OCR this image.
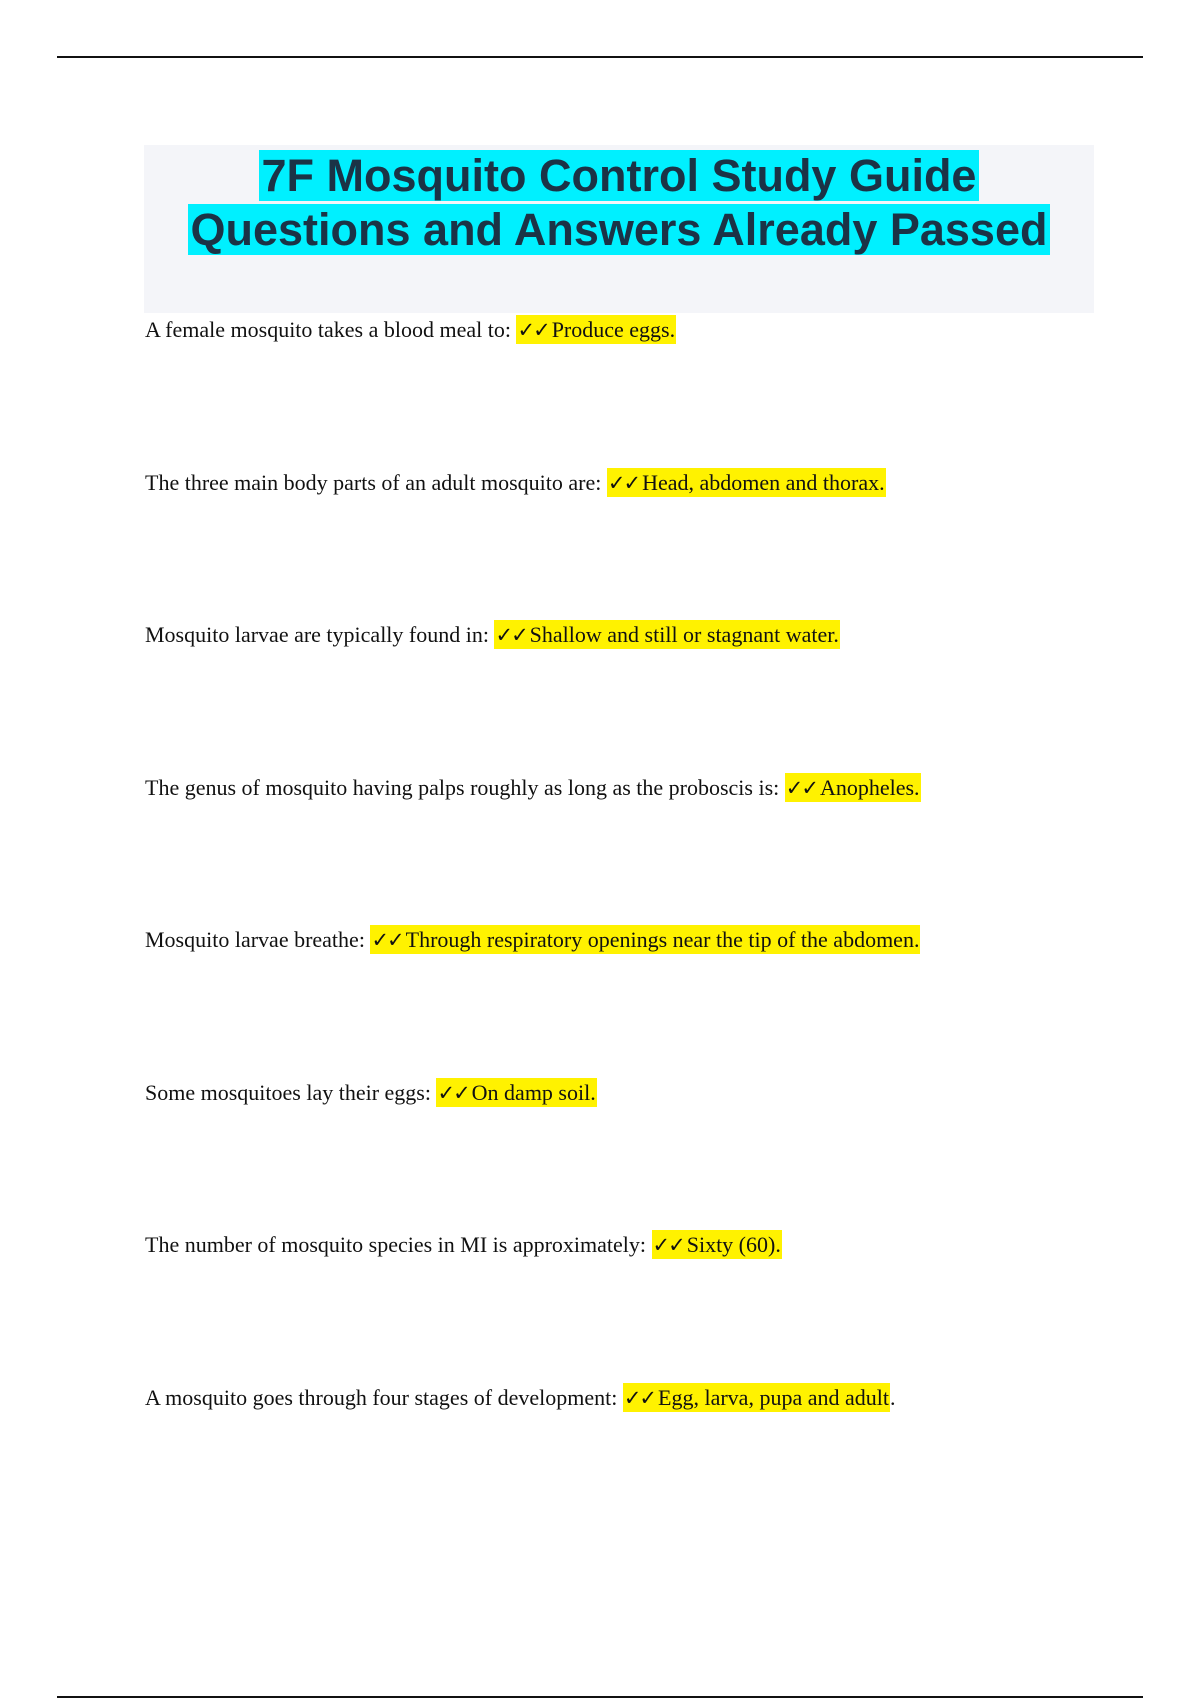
7F Mosquito Control Study Guide

Questions and Answers Already Passed

A female mosquito takes a blood meal to: ✓✓ Produce eggs.
The three main body parts of an adult mosquito are: ✓✓ Head, abdomen and thorax.
Mosquito larvae are typically found in: ✓✓ Shallow and still or stagnant water.
The genus of mosquito having palps roughly as long as the proboscis is: ✓✓ Anopheles.
Mosquito larvae breathe: ✓✓ Through respiratory openings near the tip of the abdomen.
Some mosquitoes lay their eggs: ✓✓ On damp soil.
The number of mosquito species in MI is approximately: ✓✓ Sixty (60).
A mosquito goes through four stages of development: ✓✓ Egg, larva, pupa and adult.
